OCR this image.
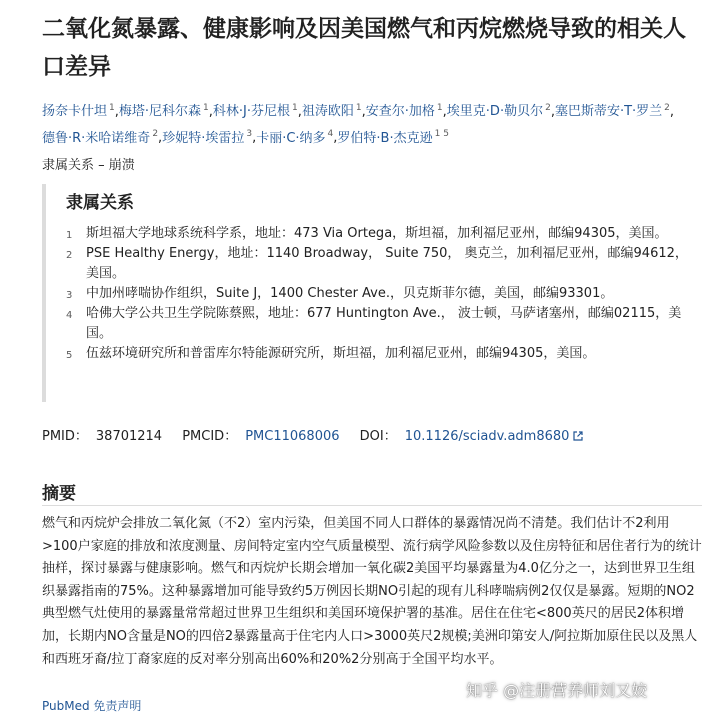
二氧化氮暴露、健康影响及因美国燃气和丙烷燃烧导致的相关人口差异
扬奈卡什坦 $^1$,梅塔·尼科尔森 $^1$,科林·J·芬尼根 $^1$,祖涛欧阳 $^1$,安查尔·加格 $^1$,埃里克·D·勒贝尔 $^2$,塞巴斯蒂安·T·罗兰 $^2$,德鲁·R·米哈诺维奇 $^2$,珍妮特·埃雷拉 $^3$,卡丽·C·纳多 $^4$,罗伯特·B·杰克逊 $^{1 5}$
隶属关系 – 崩溃
隶属关系
1 斯坦福大学地球系统科学系，地址：473 Via Ortega，斯坦福，加利福尼亚州，邮编94305，美国。
2 PSE Healthy Energy，地址：1140 Broadway， Suite 750， 奥克兰，加利福尼亚州，邮编94612，美国。
3 中加州哮喘协作组织，Suite J，1400 Chester Ave.，贝克斯菲尔德，美国，邮编93301。
4 哈佛大学公共卫生学院陈蔡熙，地址：677 Huntington Ave.， 波士顿，马萨诸塞州，邮编02115，美国。
5 伍兹环境研究所和普雷库尔特能源研究所，斯坦福，加利福尼亚州，邮编94305，美国。
PMID： 38701214 PMCID： PMC11068006 DOI： 10.1126/sciadv.adm8680
摘要

燃气和丙烷炉会排放二氧化氮（不2）室内污染，但美国不同人口群体的暴露情况尚不清楚。我们估计不2利用>100户家庭的排放和浓度测量、房间特定室内空气质量模型、流行病学风险参数以及住房特征和居住者行为的统计抽样，探讨暴露与健康影响。燃气和丙烷炉长期会增加一氧化碳2美国平均暴露量为4.0亿分之一，达到世界卫生组织暴露指南的75%。这种暴露增加可能导致约5万例因长期NO引起的现有儿科哮喘病例2仅仅是暴露。短期的NO2典型燃气灶使用的暴露量常常超过世界卫生组织和美国环境保护署的基准。居住在住宅<800英尺的居民2体积增加，长期内NO含量是NO的四倍2暴露量高于住宅内人口>3000英尺2规模;美洲印第安人/阿拉斯加原住民以及黑人和西班牙裔/拉丁裔家庭的反对率分别高出60%和20%2分别高于全国平均水平。

PubMed 免责声明
知乎 @注册营养师刘又姣
